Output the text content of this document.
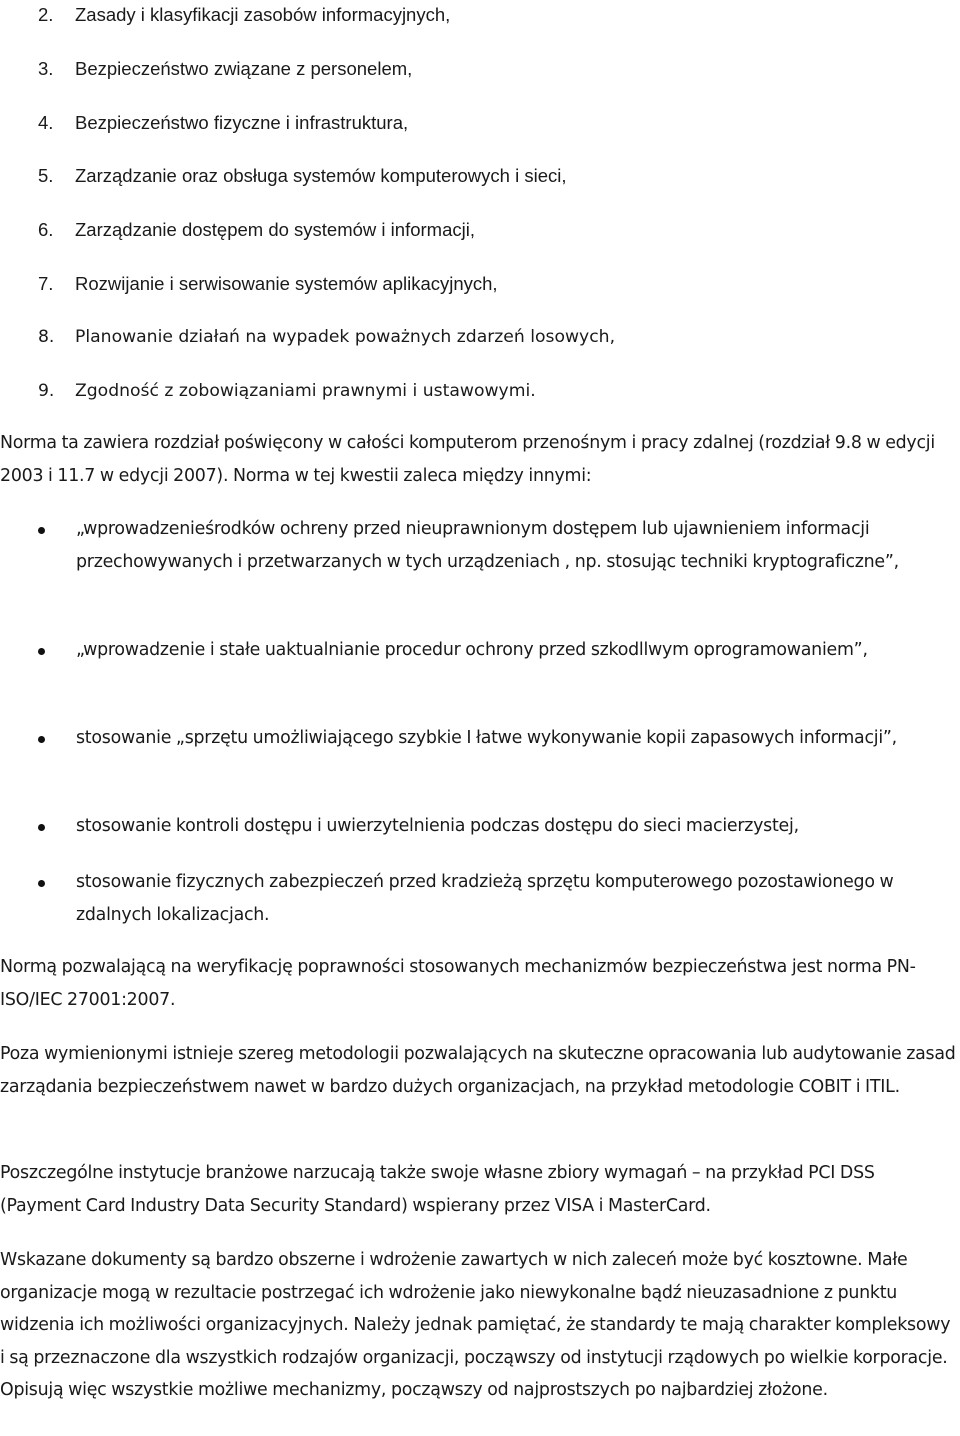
2. Zasady i klasyfikacji zasobów informacyjnych,
3. Bezpieczeństwo związane z personelem,
4. Bezpieczeństwo fizyczne i infrastruktura,
5. Zarządzanie oraz obsługa systemów komputerowych i sieci,
6. Zarządzanie dostępem do systemów i informacji,
7. Rozwijanie i serwisowanie systemów aplikacyjnych,
8. Planowanie działań na wypadek poważnych zdarzeń losowych,
9. Zgodność z zobowiązaniami prawnymi i ustawowymi.

Norma ta zawiera rozdział poświęcony w całości komputerom przenośnym i pracy zdalnej (rozdział 9.8 w edycji 2003 i 11.7 w edycji 2007). Norma w tej kwestii zaleca między innymi:

„wprowadzenieśrodków ochreny przed nieuprawnionym dostępem lub ujawnieniem informacji przechowywanych i przetwarzanych w tych urządzeniach , np. stosując techniki kryptograficzne”,

„wprowadzenie i stałe uaktualnianie procedur ochrony przed szkodllwym oprogramowaniem”,

stosowanie „sprzętu umożliwiającego szybkie I łatwe wykonywanie kopii zapasowych informacji”,

stosowanie kontroli dostępu i uwierzytelnienia podczas dostępu do sieci macierzystej,

stosowanie fizycznych zabezpieczeń przed kradzieżą sprzętu komputerowego pozostawionego w zdalnych lokalizacjach.

Normą pozwalającą na weryfikację poprawności stosowanych mechanizmów bezpieczeństwa jest norma PN-ISO/IEC 27001:2007.

Poza wymienionymi istnieje szereg metodologii pozwalających na skuteczne opracowania lub audytowanie zasad zarządania bezpieczeństwem nawet w bardzo dużych organizacjach, na przykład metodologie COBIT i ITIL.

Poszczególne instytucje branżowe narzucają także swoje własne zbiory wymagań – na przykład PCI DSS (Payment Card Industry Data Security Standard) wspierany przez VISA i MasterCard.

Wskazane dokumenty są bardzo obszerne i wdrożenie zawartych w nich zaleceń może być kosztowne. Małe organizacje mogą w rezultacie postrzegać ich wdrożenie jako niewykonalne bądź nieuzasadnione z punktu widzenia ich możliwości organizacyjnych. Należy jednak pamiętać, że standardy te mają charakter kompleksowy i są przeznaczone dla wszystkich rodzajów organizacji, począwszy od instytucji rządowych po wielkie korporacje. Opisują więc wszystkie możliwe mechanizmy, począwszy od najprostszych po najbardziej złożone.
